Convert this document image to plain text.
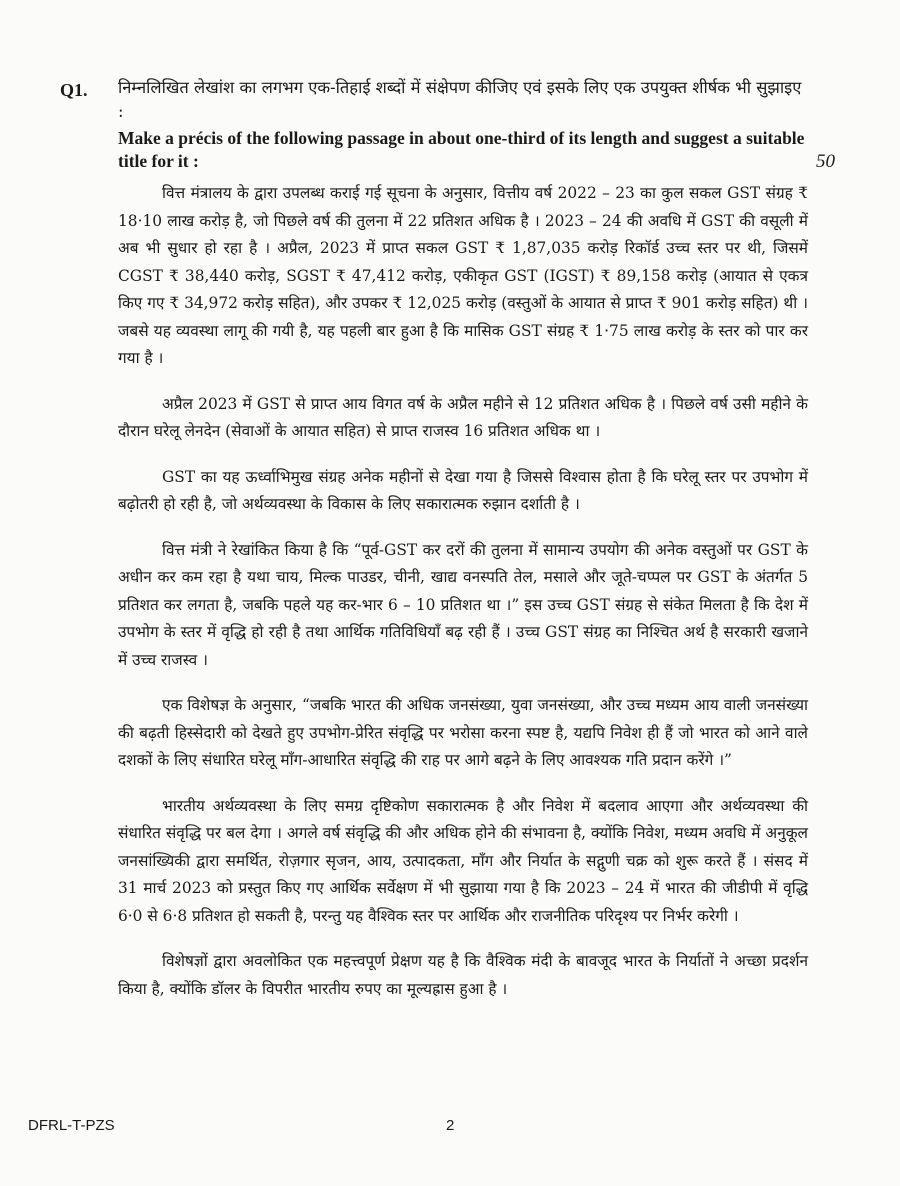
Q1. निम्नलिखित लेखांश का लगभग एक-तिहाई शब्दों में संक्षेपण कीजिए एवं इसके लिए एक उपयुक्त शीर्षक भी सुझाइए :
Make a précis of the following passage in about one-third of its length and suggest a suitable title for it :	50

वित्त मंत्रालय के द्वारा उपलब्ध कराई गई सूचना के अनुसार, वित्तीय वर्ष 2022 – 23 का कुल सकल GST संग्रह ₹ 18·10 लाख करोड़ है, जो पिछले वर्ष की तुलना में 22 प्रतिशत अधिक है । 2023 – 24 की अवधि में GST की वसूली में अब भी सुधार हो रहा है । अप्रैल, 2023 में प्राप्त सकल GST ₹ 1,87,035 करोड़ रिकॉर्ड उच्च स्तर पर थी, जिसमें CGST ₹ 38,440 करोड़, SGST ₹ 47,412 करोड़, एकीकृत GST (IGST) ₹ 89,158 करोड़ (आयात से एकत्र किए गए ₹ 34,972 करोड़ सहित), और उपकर ₹ 12,025 करोड़ (वस्तुओं के आयात से प्राप्त ₹ 901 करोड़ सहित) थी । जबसे यह व्यवस्था लागू की गयी है, यह पहली बार हुआ है कि मासिक GST संग्रह ₹ 1·75 लाख करोड़ के स्तर को पार कर गया है ।

अप्रैल 2023 में GST से प्राप्त आय विगत वर्ष के अप्रैल महीने से 12 प्रतिशत अधिक है । पिछले वर्ष उसी महीने के दौरान घरेलू लेनदेन (सेवाओं के आयात सहित) से प्राप्त राजस्व 16 प्रतिशत अधिक था ।

GST का यह ऊर्ध्वाभिमुख संग्रह अनेक महीनों से देखा गया है जिससे विश्वास होता है कि घरेलू स्तर पर उपभोग में बढ़ोतरी हो रही है, जो अर्थव्यवस्था के विकास के लिए सकारात्मक रुझान दर्शाती है ।

वित्त मंत्री ने रेखांकित किया है कि “पूर्व-GST कर दरों की तुलना में सामान्य उपयोग की अनेक वस्तुओं पर GST के अधीन कर कम रहा है यथा चाय, मिल्क पाउडर, चीनी, खाद्य वनस्पति तेल, मसाले और जूते-चप्पल पर GST के अंतर्गत 5 प्रतिशत कर लगता है, जबकि पहले यह कर-भार 6 – 10 प्रतिशत था ।” इस उच्च GST संग्रह से संकेत मिलता है कि देश में उपभोग के स्तर में वृद्धि हो रही है तथा आर्थिक गतिविधियाँ बढ़ रही हैं । उच्च GST संग्रह का निश्चित अर्थ है सरकारी खजाने में उच्च राजस्व ।

एक विशेषज्ञ के अनुसार, “जबकि भारत की अधिक जनसंख्या, युवा जनसंख्या, और उच्च मध्यम आय वाली जनसंख्या की बढ़ती हिस्सेदारी को देखते हुए उपभोग-प्रेरित संवृद्धि पर भरोसा करना स्पष्ट है, यद्यपि निवेश ही हैं जो भारत को आने वाले दशकों के लिए संधारित घरेलू माँग-आधारित संवृद्धि की राह पर आगे बढ़ने के लिए आवश्यक गति प्रदान करेंगे ।”

भारतीय अर्थव्यवस्था के लिए समग्र दृष्टिकोण सकारात्मक है और निवेश में बदलाव आएगा और अर्थव्यवस्था की संधारित संवृद्धि पर बल देगा । अगले वर्ष संवृद्धि की और अधिक होने की संभावना है, क्योंकि निवेश, मध्यम अवधि में अनुकूल जनसांख्यिकी द्वारा समर्थित, रोज़गार सृजन, आय, उत्पादकता, माँग और निर्यात के सद्गुणी चक्र को शुरू करते हैं । संसद में 31 मार्च 2023 को प्रस्तुत किए गए आर्थिक सर्वेक्षण में भी सुझाया गया है कि 2023 – 24 में भारत की जीडीपी में वृद्धि 6·0 से 6·8 प्रतिशत हो सकती है, परन्तु यह वैश्विक स्तर पर आर्थिक और राजनीतिक परिदृश्य पर निर्भर करेगी ।

विशेषज्ञों द्वारा अवलोकित एक महत्त्वपूर्ण प्रेक्षण यह है कि वैश्विक मंदी के बावजूद भारत के निर्यातों ने अच्छा प्रदर्शन किया है, क्योंकि डॉलर के विपरीत भारतीय रुपए का मूल्यह्रास हुआ है ।

DFRL-T-PZS	2
